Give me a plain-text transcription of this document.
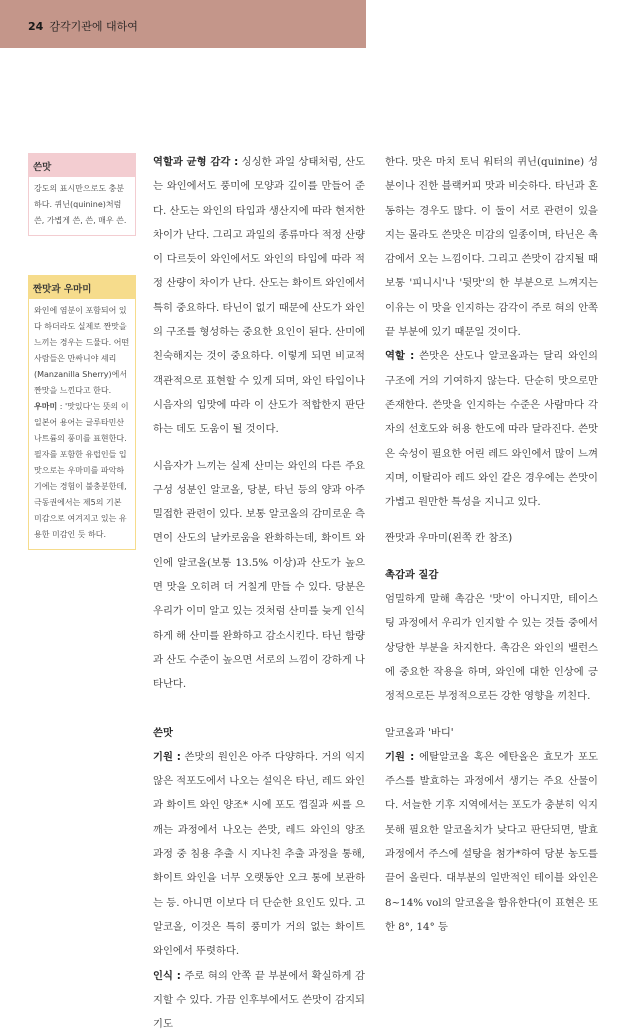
24 감각기관에 대하여
쓴맛

강도의 표시만으로도 충분하다. 퀴닌(quinine)처럼 쓴, 가볍게 쓴, 쓴, 매우 쓴.

짠맛과 우마미

와인에 염분이 포함되어 있다 하더라도 실제로 짠맛을 느끼는 경우는 드물다. 어떤 사람들은 만싸니야 셰리(Manzanilla Sherry)에서 짠맛을 느낀다고 한다.

우마미 : '맛있다'는 뜻의 이 일본어 용어는 글루타민산나트륨의 풍미를 표현한다. 필자를 포함한 유럽인들 입맛으로는 우마미를 파악하기에는 경험이 불충분한데, 극동권에서는 제5의 기본 미감으로 여겨지고 있는 유용한 미감인 듯 하다.

역할과 균형 감각 : 싱싱한 과일 상태처럼, 산도는 와인에서도 풍미에 모양과 깊이를 만들어 준다. 산도는 와인의 타입과 생산지에 따라 현저한 차이가 난다. 그리고 과일의 종류마다 적정 산량이 다르듯이 와인에서도 와인의 타입에 따라 적정 산량이 차이가 난다. 산도는 화이트 와인에서 특히 중요하다. 타닌이 없기 때문에 산도가 와인의 구조를 형성하는 중요한 요인이 된다. 산미에 친숙해지는 것이 중요하다. 이렇게 되면 비교적 객관적으로 표현할 수 있게 되며, 와인 타입이나 시음자의 입맛에 따라 이 산도가 적합한지 판단하는 데도 도움이 될 것이다.

시음자가 느끼는 실제 산미는 와인의 다른 주요 구성 성분인 알코올, 당분, 타닌 등의 양과 아주 밀접한 관련이 있다. 보통 알코올의 감미로운 측면이 산도의 날카로움을 완화하는데, 화이트 와인에 알코올(보통 13.5% 이상)과 산도가 높으면 맛을 오히려 더 거칠게 만들 수 있다. 당분은 우리가 이미 알고 있는 것처럼 산미를 늦게 인식하게 해 산미를 완화하고 감소시킨다. 타닌 함량과 산도 수준이 높으면 서로의 느낌이 강하게 나타난다.

쓴맛

기원 : 쓴맛의 원인은 아주 다양하다. 거의 익지 않은 적포도에서 나오는 설익은 타닌, 레드 와인과 화이트 와인 양조* 시에 포도 껍질과 씨를 으깨는 과정에서 나오는 쓴맛, 레드 와인의 양조 과정 중 침용 추출 시 지나친 추출 과정을 통해, 화이트 와인을 너무 오랫동안 오크 통에 보관하는 등. 아니면 이보다 더 단순한 요인도 있다. 고알코올, 이것은 특히 풍미가 거의 없는 화이트 와인에서 뚜렷하다.

인식 : 주로 혀의 안쪽 끝 부분에서 확실하게 감지할 수 있다. 가끔 인후부에서도 쓴맛이 감지되기도

한다. 맛은 마치 토닉 워터의 퀴닌(quinine) 성분이나 진한 블랙커피 맛과 비슷하다. 타닌과 혼동하는 경우도 많다. 이 둘이 서로 관련이 있을지는 몰라도 쓴맛은 미감의 일종이며, 타닌은 촉감에서 오는 느낌이다. 그리고 쓴맛이 감지될 때 보통 '피니시'나 '뒷맛'의 한 부분으로 느껴지는 이유는 이 맛을 인지하는 감각이 주로 혀의 안쪽 끝 부분에 있기 때문일 것이다.

역할 : 쓴맛은 산도나 알코올과는 달리 와인의 구조에 거의 기여하지 않는다. 단순히 맛으로만 존재한다. 쓴맛을 인지하는 수준은 사람마다 각자의 선호도와 허용 한도에 따라 달라진다. 쓴맛은 숙성이 필요한 어린 레드 와인에서 많이 느껴지며, 이탈리아 레드 와인 같은 경우에는 쓴맛이 가볍고 원만한 특성을 지니고 있다.

짠맛과 우마미(왼쪽 칸 참조)

촉감과 질감

엄밀하게 말해 촉감은 '맛'이 아니지만, 테이스팅 과정에서 우리가 인지할 수 있는 것들 중에서 상당한 부분을 차지한다. 촉감은 와인의 밸런스에 중요한 작용을 하며, 와인에 대한 인상에 긍정적으로든 부정적으로든 강한 영향을 끼친다.

알코올과 '바디'

기원 : 에탈알코올 혹은 에탄올은 효모가 포도 주스를 발효하는 과정에서 생기는 주요 산물이다. 서늘한 기후 지역에서는 포도가 충분히 익지 못해 필요한 알코올치가 낮다고 판단되면, 발효 과정에서 주스에 설탕을 첨가*하여 당분 농도를 끌어 올린다. 대부분의 일반적인 테이블 와인은 8~14% vol의 알코올을 함유한다(이 표현은 또한 8°, 14° 등
